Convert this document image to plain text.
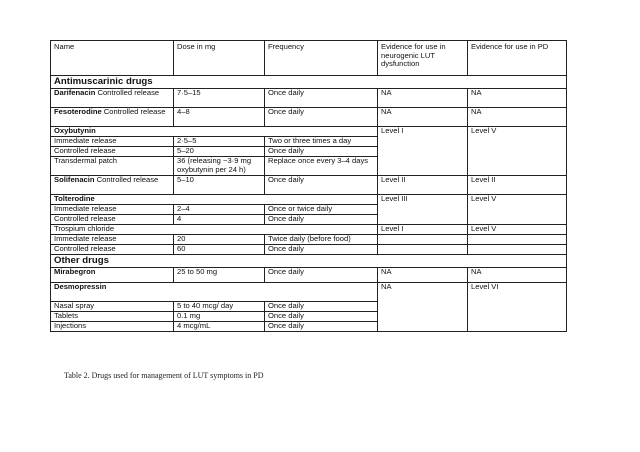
Name	Dose in mg	Frequency	Evidence for use in neurogenic LUT dysfunction	Evidence for use in PD
Antimuscarinic drugs				
Darifenacin Controlled release	7·5–15	Once daily	NA	NA
Fesoterodine Controlled release	4–8	Once daily	NA	NA
Oxybutynin			Level I	Level V
Immediate release	2·5–5	Two or three times a day		
Controlled release	5–20	Once daily		
Transdermal patch	36 (releasing ~3·9 mg oxybutynin per 24 h)	Replace once every 3–4 days		
Solifenacin Controlled release	5–10	Once daily	Level II	Level II
Tolterodine			Level III	Level V
Immediate release	2–4	Once or twice daily		
Controlled release	4	Once daily		
Trospium chloride			Level I	Level V
Immediate release	20	Twice daily (before food)		
Controlled release	60	Once daily		
Other drugs				
Mirabegron	25 to 50 mg	Once daily	NA	NA
Desmopressin			NA	Level VI
Nasal spray	5 to 40 mcg/ day	Once daily		
Tablets	0.1 mg	Once daily		
Injections	4 mcg/mL	Once daily		
Table 2. Drugs used for management of LUT symptoms in PD
